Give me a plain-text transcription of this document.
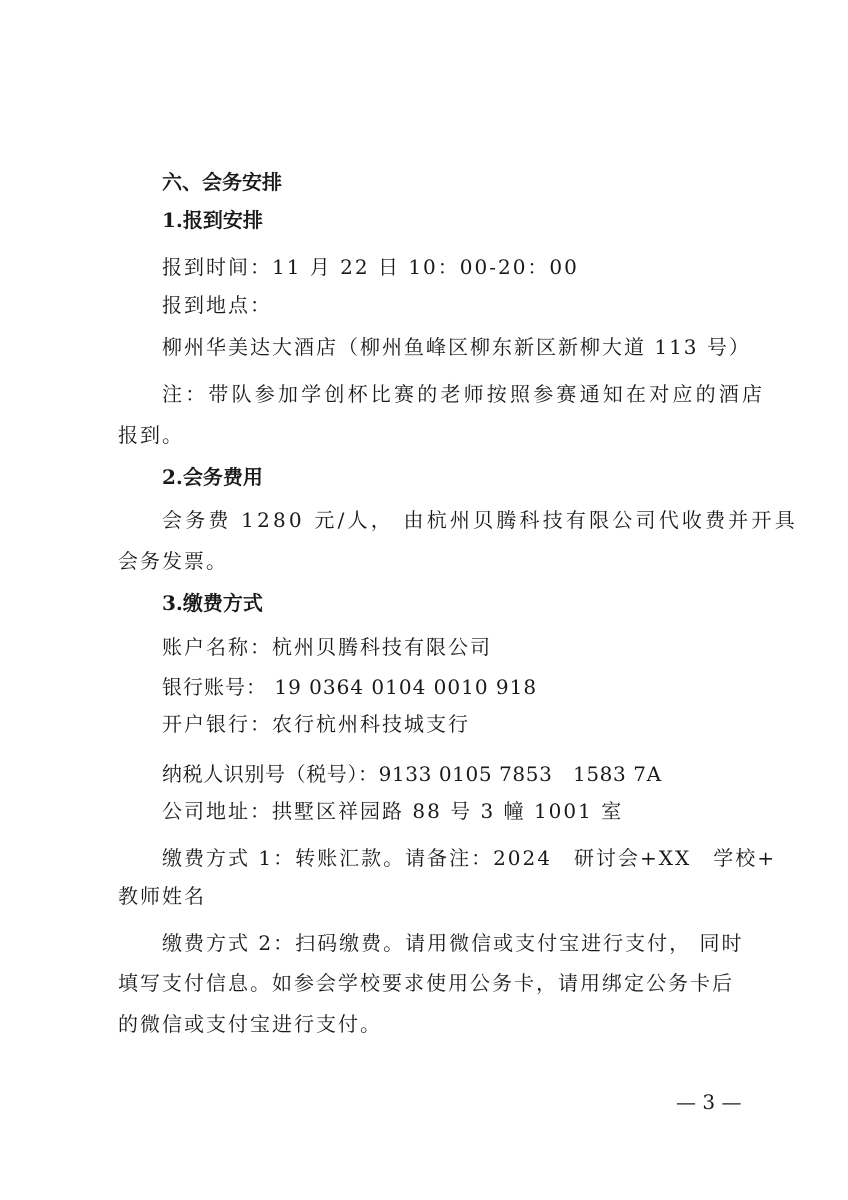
六、会务安排
1.报到安排
报到时间：11 月 22 日 10：00-20：00
报到地点：
柳州华美达大酒店（柳州鱼峰区柳东新区新柳大道 113 号）
注：带队参加学创杯比赛的老师按照参赛通知在对应的酒店
报到。
2.会务费用
会务费 1280 元/人， 由杭州贝腾科技有限公司代收费并开具
会务发票。
3.缴费方式
账户名称：杭州贝腾科技有限公司
银行账号： 19 0364 0104 0010 918
开户银行：农行杭州科技城支行
纳税人识别号（税号）：9133 0105 7853　1583 7A
公司地址：拱墅区祥园路 88 号 3 幢 1001 室
缴费方式 1：转账汇款。请备注：2024　研讨会+XX　学校+
教师姓名
缴费方式 2：扫码缴费。请用微信或支付宝进行支付， 同时
填写支付信息。如参会学校要求使用公务卡，请用绑定公务卡后
的微信或支付宝进行支付。
— 3 —
